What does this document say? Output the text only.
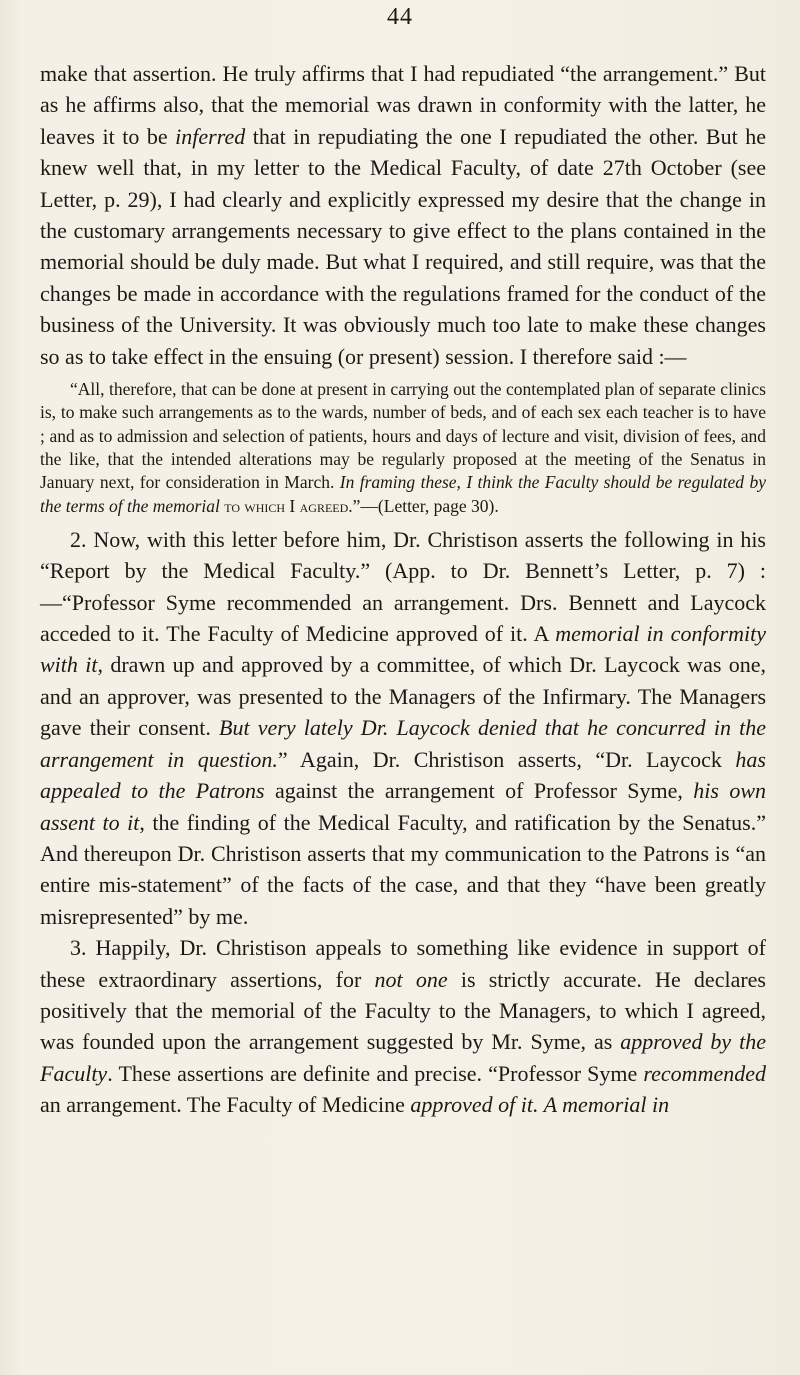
44

make that assertion. He truly affirms that I had repudiated “the arrangement.” But as he affirms also, that the memorial was drawn in conformity with the latter, he leaves it to be inferred that in repudiating the one I repudiated the other. But he knew well that, in my letter to the Medical Faculty, of date 27th October (see Letter, p. 29), I had clearly and explicitly expressed my desire that the change in the customary arrangements necessary to give effect to the plans contained in the memorial should be duly made. But what I required, and still require, was that the changes be made in accordance with the regulations framed for the conduct of the business of the University. It was obviously much too late to make these changes so as to take effect in the ensuing (or present) session. I therefore said :—

“All, therefore, that can be done at present in carrying out the contemplated plan of separate clinics is, to make such arrangements as to the wards, number of beds, and of each sex each teacher is to have ; and as to admission and selection of patients, hours and days of lecture and visit, division of fees, and the like, that the intended alterations may be regularly proposed at the meeting of the Senatus in January next, for consideration in March. In framing these, I think the Faculty should be regulated by the terms of the memorial to which I agreed.”—(Letter, page 30).

2. Now, with this letter before him, Dr. Christison asserts the following in his “Report by the Medical Faculty.” (App. to Dr. Bennett’s Letter, p. 7) :—“Professor Syme recommended an arrangement. Drs. Bennett and Laycock acceded to it. The Faculty of Medicine approved of it. A memorial in conformity with it, drawn up and approved by a committee, of which Dr. Laycock was one, and an approver, was presented to the Managers of the Infirmary. The Managers gave their consent. But very lately Dr. Laycock denied that he concurred in the arrangement in question.” Again, Dr. Christison asserts, “Dr. Laycock has appealed to the Patrons against the arrangement of Professor Syme, his own assent to it, the finding of the Medical Faculty, and ratification by the Senatus.” And thereupon Dr. Christison asserts that my communication to the Patrons is “an entire mis-statement” of the facts of the case, and that they “have been greatly misrepresented” by me.

3. Happily, Dr. Christison appeals to something like evidence in support of these extraordinary assertions, for not one is strictly accurate. He declares positively that the memorial of the Faculty to the Managers, to which I agreed, was founded upon the arrangement suggested by Mr. Syme, as approved by the Faculty. These assertions are definite and precise. “Professor Syme recommended an arrangement. The Faculty of Medicine approved of it. A memorial in
